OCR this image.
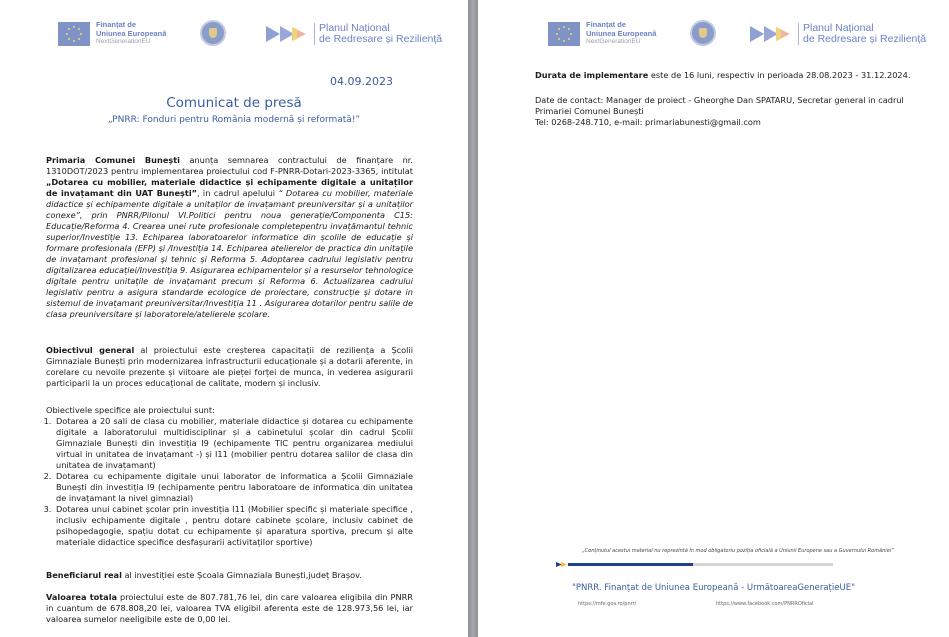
Finanțat de
Uniunea Europeană
NextGenerationEU
Planul Național
de Redresare și Reziliență
04.09.2023
Comunicat de presă
„PNRR: Fonduri pentru România modernă și reformată!”
Primaria Comunei Bunești anunța semnarea contractului de finanțare nr. 1310DOT/2023 pentru implementarea proiectului cod F-PNRR-Dotari-2023-3365, intitulat „Dotarea cu mobilier, materiale didactice și echipamente digitale a unitaților de invațamant din UAT Bunești”, in cadrul apelului “ Dotarea cu mobilier, materiale didactice și echipamente digitale a unitaților de invațamant preuniversitar și a unitaților conexe”, prin PNRR/Pilonul VI.Politici pentru noua generație/Componenta C15: Educație/Reforma 4. Crearea unei rute profesionale completepentru invațămantul tehnic superior/Investiție 13. Echiparea laboratoarelor informatice din școlile de educație și formare profesionala (EFP) și /Investiția 14. Echiparea atelierelor de practica din unitațile de invațamant profesional și tehnic și Reforma 5. Adoptarea cadrului legislativ pentru digitalizarea educației/Investiția 9. Asigurarea echipamentelor și a resurselor tehnologice digitale pentru unitațile de invațamant precum și Reforma 6. Actualizarea cadrului legislativ pentru a asigura standarde ecologice de proiectare, construcție și dotare in sistemul de invațamant preuniversitar/Investiția 11 . Asigurarea dotarilor pentru salile de clasa preuniversitare și laboratorele/atelierele școlare.
Obiectivul general al proiectului este creșterea capacitații de reziliența a Școlii Gimnaziale Bunești prin modernizarea infrastructurii educaționale și a dotarii aferente, in corelare cu nevoile prezente și viitoare ale pieței forței de munca, in vederea asigurarii participarii la un proces educațional de calitate, modern și inclusiv.
Obiectivele specifice ale proiectului sunt:
1. Dotarea a 20 sali de clasa cu mobilier, materiale didactice și dotarea cu echipamente digitale a laboratorului multidisciplinar și a cabinetului școlar din cadrul Școlii Gimnaziale Bunești din investiția I9 (echipamente TIC pentru organizarea mediului virtual in unitatea de invațamant -) și I11 (mobilier pentru dotarea salilor de clasa din unitatea de invațamant)
2. Dotarea cu echipamente digitale unui laborator de informatica a Școlii Gimnaziale Bunești din investiția I9 (echipamente pentru laboratoare de informatica din unitatea de invațamant la nivel gimnazial)
3. Dotarea unui cabinet școlar prin investiția I11 (Mobilier specific și materiale specifice , inclusiv echipamente digitale , pentru dotare cabinete școlare, inclusiv cabinet de psihopedagogie, spațiu dotat cu echipamente și aparatura sportiva, precum și alte materiale didactice specifice desfașurarii activitaților sportive)
Beneficiarul real al investiției este Școala Gimnaziala Bunești,județ Brașov.
Valoarea totala proiectului este de 807.781,76 lei, din care valoarea eligibila din PNRR in cuantum de 678.808,20 lei, valoarea TVA eligibil aferenta este de 128.973,56 lei, iar valoarea sumelor neeligibile este de 0,00 lei.
Finanțat de
Uniunea Europeană
NextGenerationEU
Planul Național
de Redresare și Reziliență
Durata de implementare este de 16 luni, respectiv in perioada 28.08.2023 - 31.12.2024.
Date de contact: Manager de proiect - Gheorghe Dan SPATARU, Secretar general in cadrul Primariei Comunei Bunești
Tel: 0268-248.710, e-mail: primariabunesti@gmail.com
„Conținutul acestui material nu reprezintă în mod obligatoriu poziția oficială a Uniunii Europene sau a Guvernului României”
"PNRR. Finanțat de Uniunea Europeană - UrmătoareaGenerațieUE"
https://mfe.gov.ro/pnrr/	https://www.facebook.com/PNRROficial
